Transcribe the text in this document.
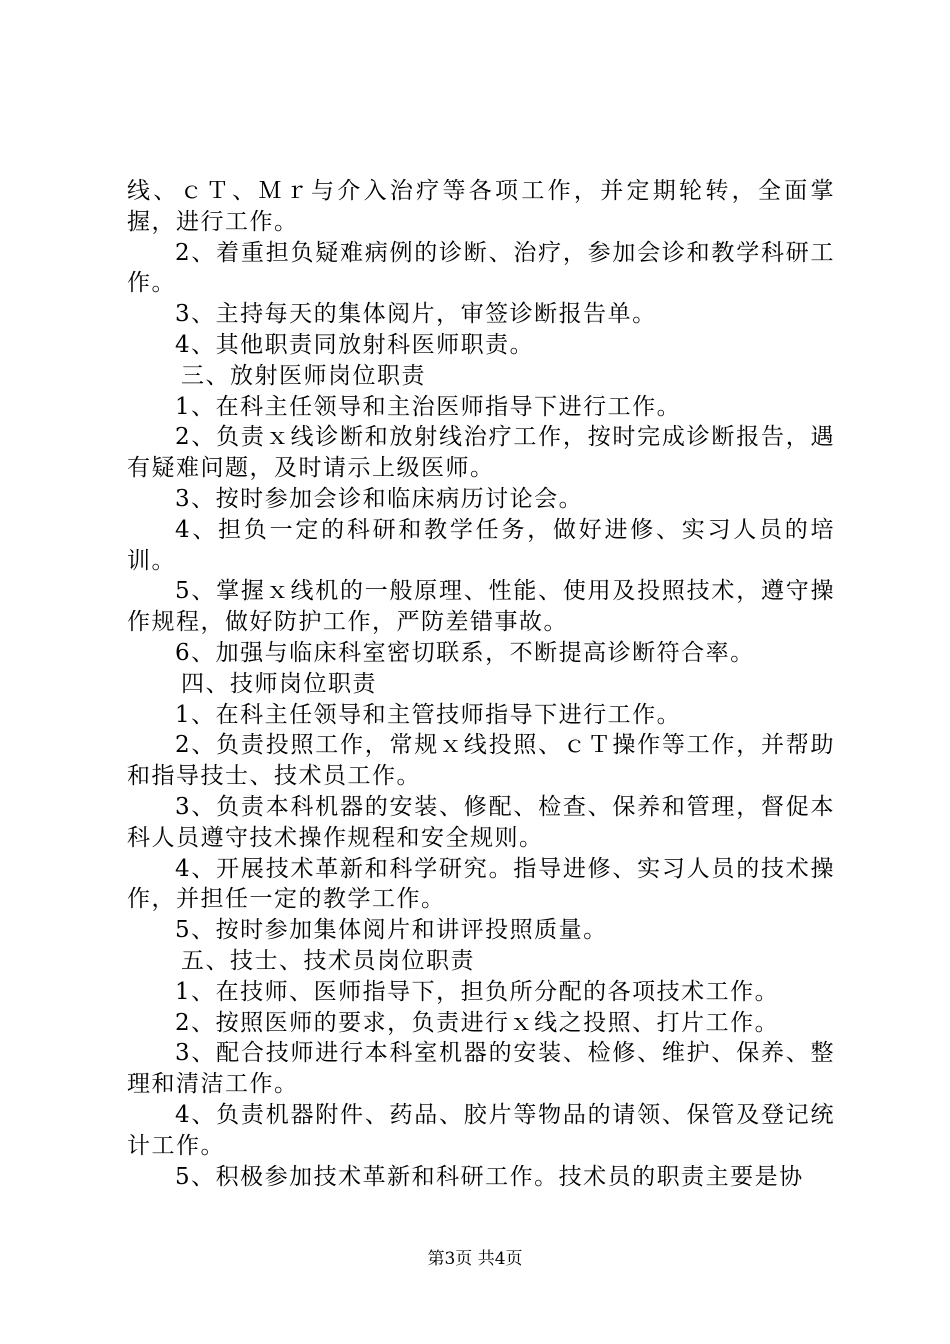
线、ｃＴ、Ｍｒ与介入治疗等各项工作，并定期轮转，全面掌握，进行工作。

2、着重担负疑难病例的诊断、治疗，参加会诊和教学科研工作。

3、主持每天的集体阅片，审签诊断报告单。

4、其他职责同放射科医师职责。

三、放射医师岗位职责

1、在科主任领导和主治医师指导下进行工作。

2、负责ｘ线诊断和放射线治疗工作，按时完成诊断报告，遇有疑难问题，及时请示上级医师。

3、按时参加会诊和临床病历讨论会。

4、担负一定的科研和教学任务，做好进修、实习人员的培训。

5、掌握ｘ线机的一般原理、性能、使用及投照技术，遵守操作规程，做好防护工作，严防差错事故。

6、加强与临床科室密切联系，不断提高诊断符合率。

四、技师岗位职责

1、在科主任领导和主管技师指导下进行工作。

2、负责投照工作，常规ｘ线投照、ｃＴ操作等工作，并帮助和指导技士、技术员工作。

3、负责本科机器的安装、修配、检查、保养和管理，督促本科人员遵守技术操作规程和安全规则。

4、开展技术革新和科学研究。指导进修、实习人员的技术操作，并担任一定的教学工作。

5、按时参加集体阅片和讲评投照质量。

五、技士、技术员岗位职责

1、在技师、医师指导下，担负所分配的各项技术工作。

2、按照医师的要求，负责进行ｘ线之投照、打片工作。

3、配合技师进行本科室机器的安装、检修、维护、保养、整理和清洁工作。

4、负责机器附件、药品、胶片等物品的请领、保管及登记统计工作。

5、积极参加技术革新和科研工作。技术员的职责主要是协

第3页 共4页
